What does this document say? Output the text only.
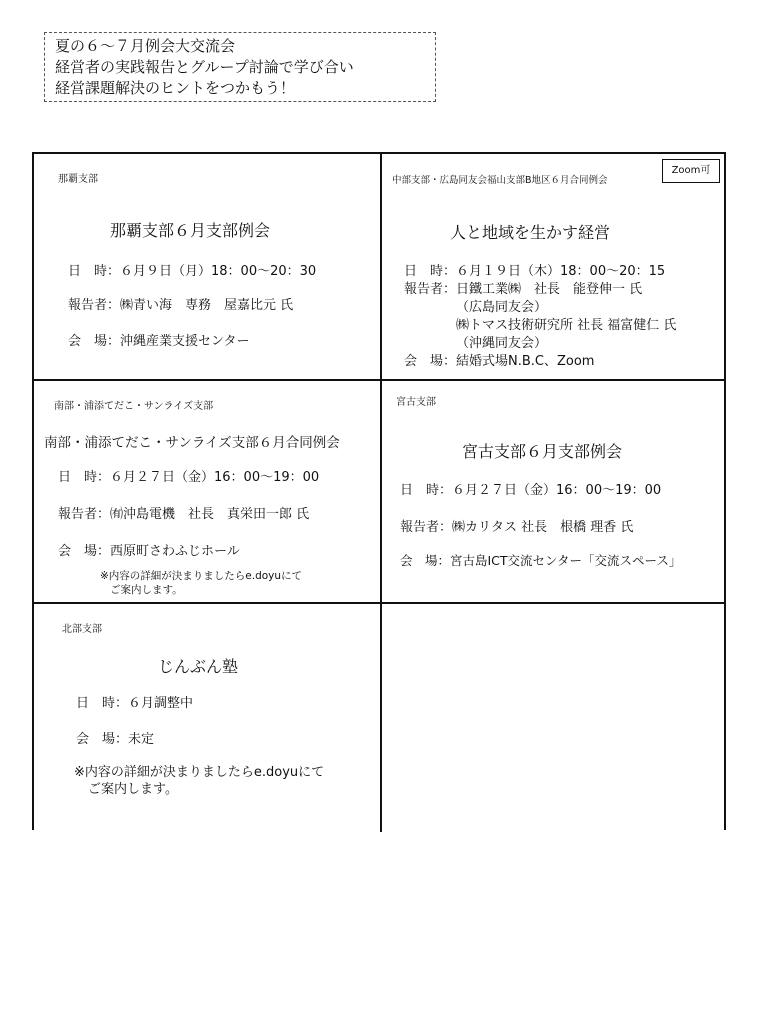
夏の６～７月例会大交流会
経営者の実践報告とグループ討論で学び合い
経営課題解決のヒントをつかもう！
那覇支部
那覇支部６月支部例会
日　時：６月９日（月）18：00～20：30
報告者：㈱青い海　専務　屋嘉比元 氏
会　場：沖縄産業支援センター
中部支部・広島同友会福山支部B地区６月合同例会
Zoom可
人と地域を生かす経営
日　時：６月１９日（木）18：00～20：15
報告者：日鐵工業㈱　社長　能登伸一 氏
（広島同友会）
㈱トマス技術研究所 社長 福富健仁 氏
（沖縄同友会）
会　場：結婚式場N.B.C、Zoom
南部・浦添てだこ・サンライズ支部
南部・浦添てだこ・サンライズ支部６月合同例会
日　時：６月２７日（金）16：00～19：00
報告者：㈲沖島電機　社長　真栄田一郎 氏
会　場：西原町さわふじホール
※内容の詳細が決まりましたらe.doyuにて
ご案内します。
宮古支部
宮古支部６月支部例会
日　時：６月２７日（金）16：00～19：00
報告者：㈱カリタス 社長　根橋 理香 氏
会　場：宮古島ICT交流センター「交流スペース」
北部支部
じんぶん塾
日　時：６月調整中
会　場：未定
※内容の詳細が決まりましたらe.doyuにて
ご案内します。
